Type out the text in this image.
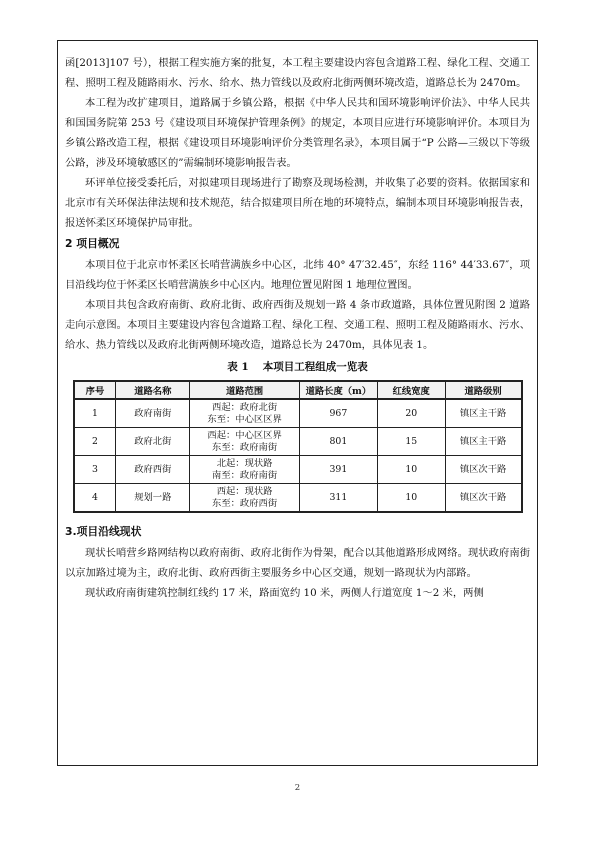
函[2013]107 号），根据工程实施方案的批复，本工程主要建设内容包含道路工程、绿化工程、交通工程、照明工程及随路雨水、污水、给水、热力管线以及政府北街两侧环境改造，道路总长为 2470m。

本工程为改扩建项目，道路属于乡镇公路，根据《中华人民共和国环境影响评价法》、中华人民共和国国务院第 253 号《建设项目环境保护管理条例》的规定，本项目应进行环境影响评价。本项目为乡镇公路改造工程，根据《建设项目环境影响评价分类管理名录》，本项目属于“P 公路—三级以下等级公路，涉及环境敏感区的”需编制环境影响报告表。

环评单位接受委托后，对拟建项目现场进行了勘察及现场检测，并收集了必要的资料。依据国家和北京市有关环保法律法规和技术规范，结合拟建项目所在地的环境特点，编制本项目环境影响报告表，报送怀柔区环境保护局审批。

2 项目概况

本项目位于北京市怀柔区长哨营满族乡中心区，北纬 40° 47′32.45″，东经 116° 44′33.67″，项目沿线均位于怀柔区长哨营满族乡中心区内。地理位置见附图 1 地理位置图。

本项目共包含政府南街、政府北街、政府西街及规划一路 4 条市政道路，具体位置见附图 2 道路走向示意图。本项目主要建设内容包含道路工程、绿化工程、交通工程、照明工程及随路雨水、污水、给水、热力管线以及政府北街两侧环境改造，道路总长为 2470m，具体见表 1。

表 1 本项目工程组成一览表
序号	道路名称	道路范围	道路长度（m）	红线宽度	道路级别
1	政府南街	西起：政府北街
东至：中心区区界	967	20	镇区主干路
2	政府北街	西起：中心区区界
东至：政府南街	801	15	镇区主干路
3	政府西街	北起：现状路
南至：政府南街	391	10	镇区次干路
4	规划一路	西起：现状路
东至：政府西街	311	10	镇区次干路
3.项目沿线现状

现状长哨营乡路网结构以政府南街、政府北街作为骨架，配合以其他道路形成网络。现状政府南街以京加路过境为主，政府北街、政府西街主要服务乡中心区交通，规划一路现状为内部路。

现状政府南街建筑控制红线约 17 米，路面宽约 10 米，两侧人行道宽度 1～2 米，两侧

2
